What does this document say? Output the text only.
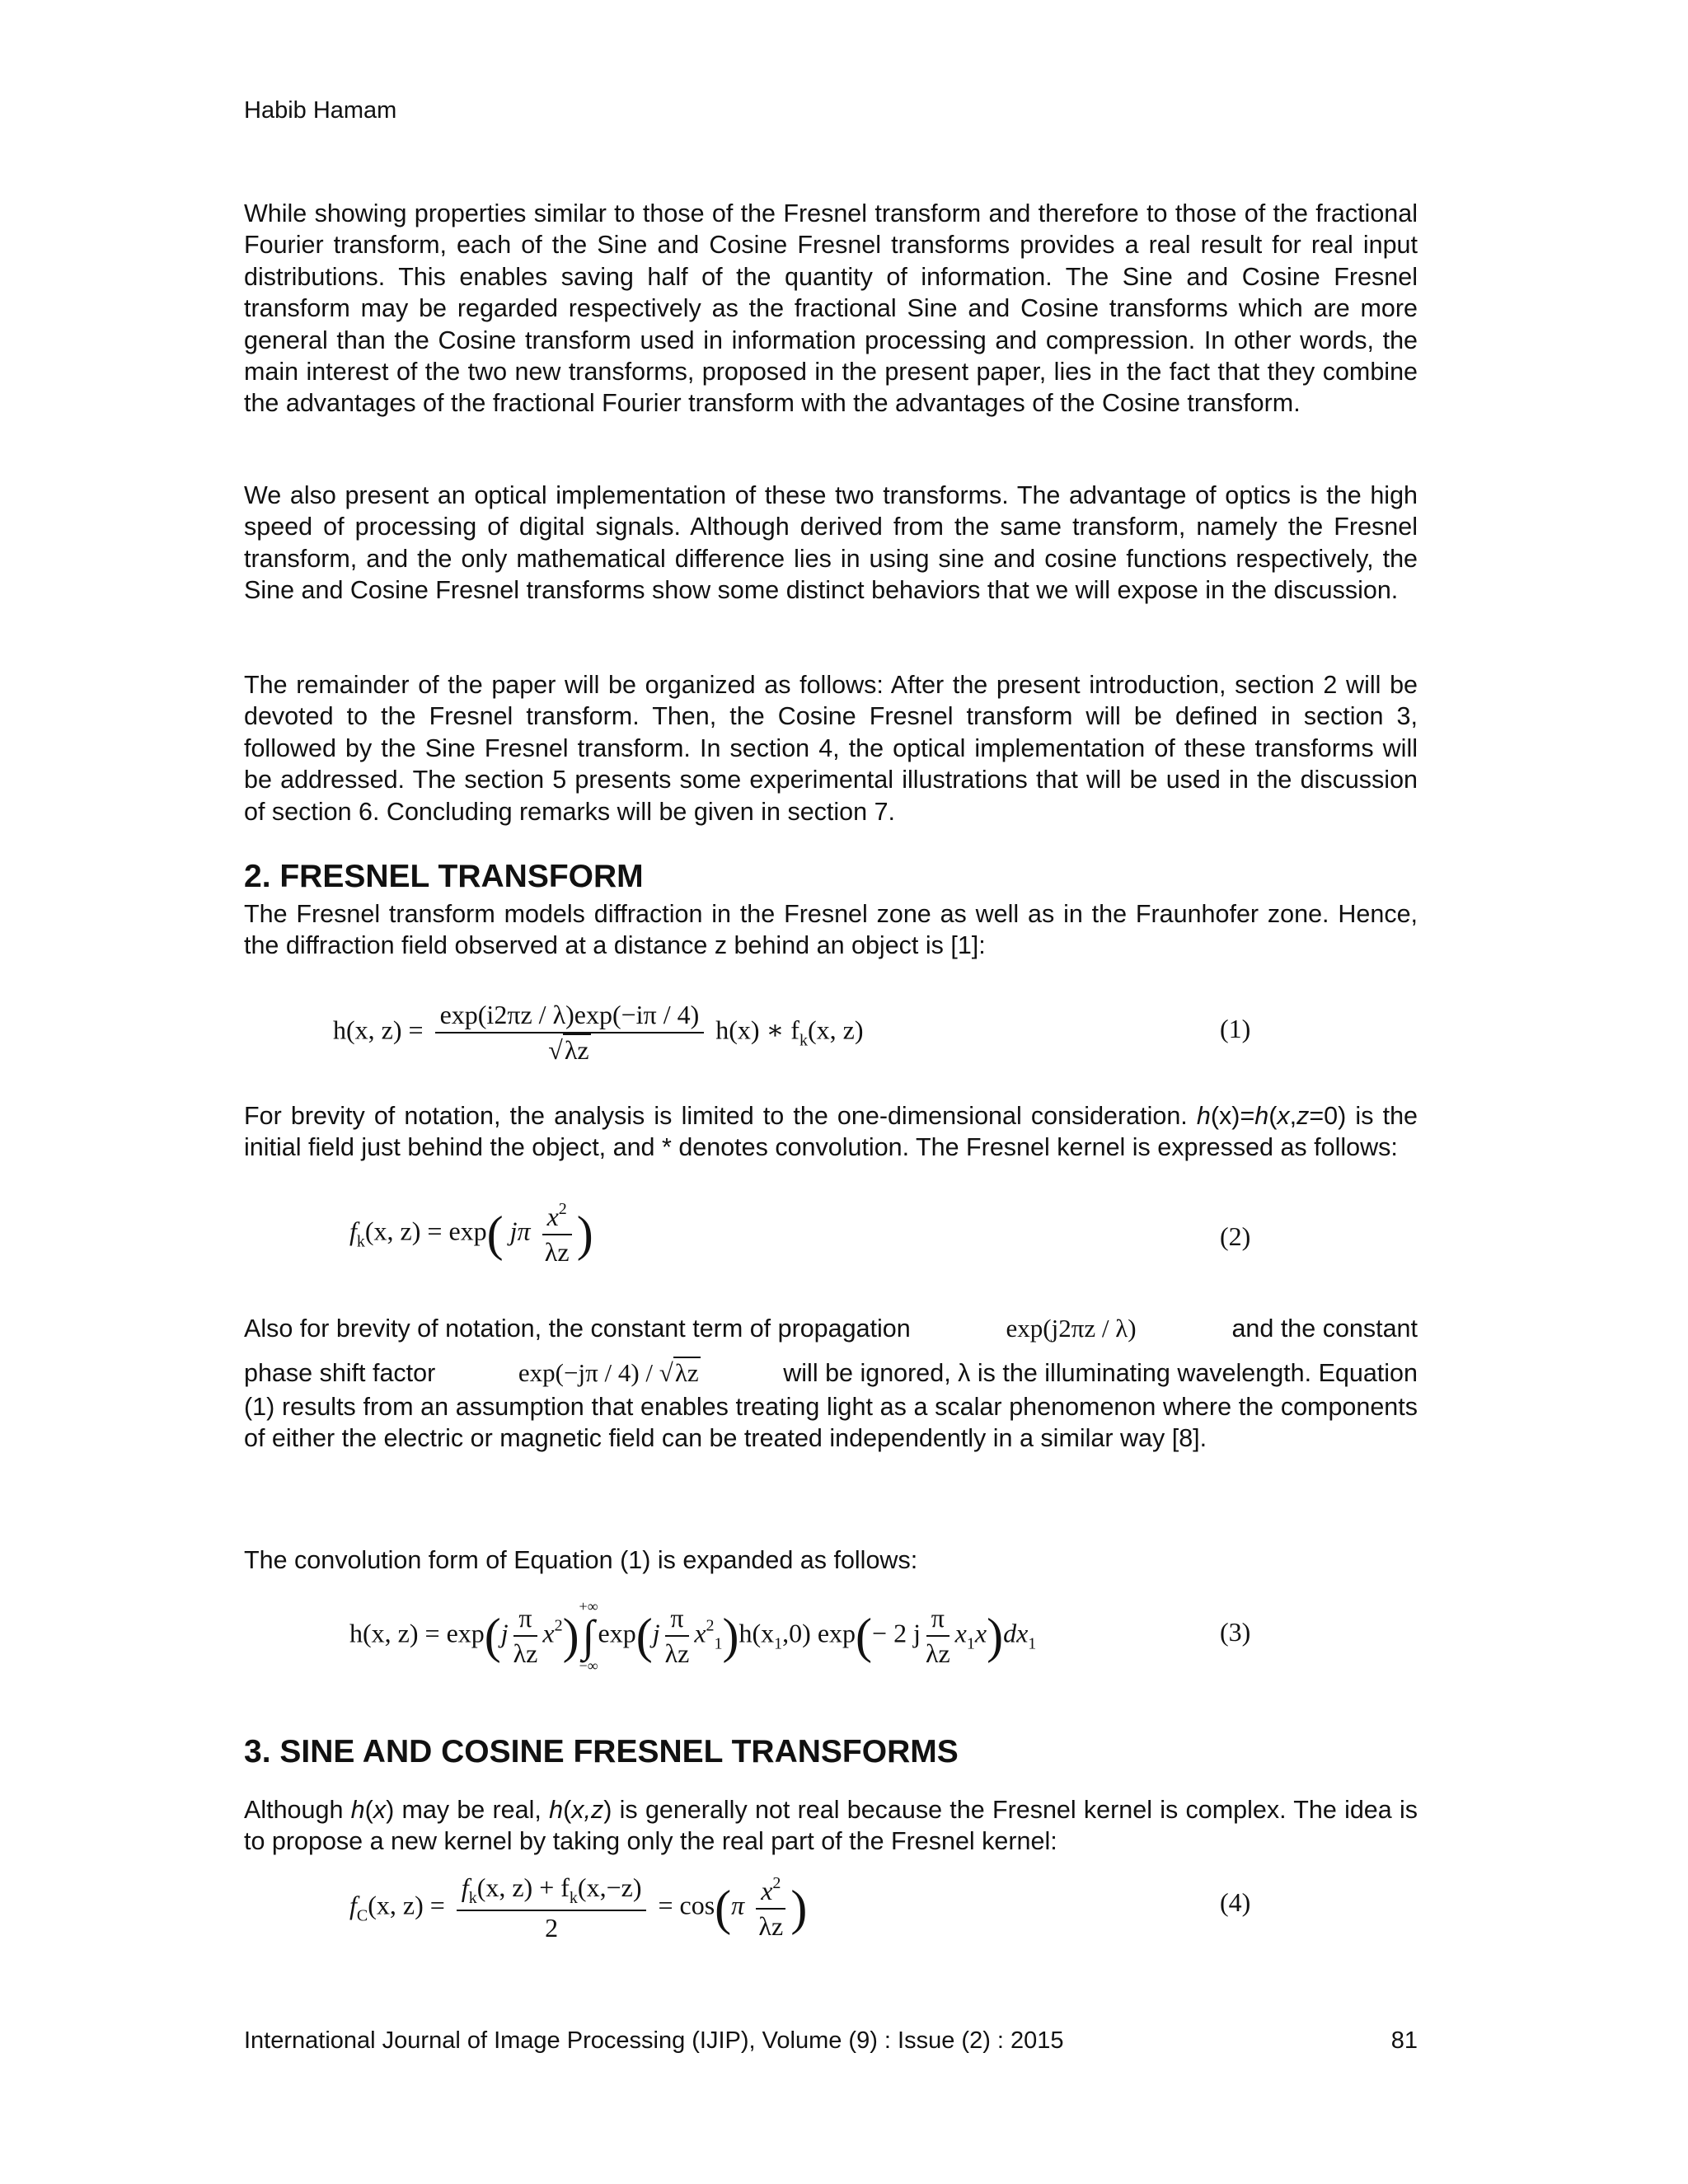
Habib Hamam

While showing properties similar to those of the Fresnel transform and therefore to those of the fractional Fourier transform, each of the Sine and Cosine Fresnel transforms provides a real result for real input distributions. This enables saving half of the quantity of information. The Sine and Cosine Fresnel transform may be regarded respectively as the fractional Sine and Cosine transforms which are more general than the Cosine transform used in information processing and compression. In other words, the main interest of the two new transforms, proposed in the present paper, lies in the fact that they combine the advantages of the fractional Fourier transform with the advantages of the Cosine transform.

We also present an optical implementation of these two transforms. The advantage of optics is the high speed of processing of digital signals. Although derived from the same transform, namely the Fresnel transform, and the only mathematical difference lies in using sine and cosine functions respectively, the Sine and Cosine Fresnel transforms show some distinct behaviors that we will expose in the discussion.

The remainder of the paper will be organized as follows: After the present introduction, section 2 will be devoted to the Fresnel transform. Then, the Cosine Fresnel transform will be defined in section 3, followed by the Sine Fresnel transform. In section 4, the optical implementation of these transforms will be addressed. The section 5 presents some experimental illustrations that will be used in the discussion of section 6. Concluding remarks will be given in section 7.

2. FRESNEL TRANSFORM

The Fresnel transform models diffraction in the Fresnel zone as well as in the Fraunhofer zone. Hence, the diffraction field observed at a distance z behind an object is [1]:

h(x, $z) = \frac{\exp(i2\pi z / \lambda)\exp(-i\pi / 4)}{√\lambda z} h(x)$ ∗ $f_k(x$, z)	(1)

For brevity of notation, the analysis is limited to the one-dimensional consideration. h(x)=h(x,z=0) is the initial field just behind the object, and * denotes convolution. The Fresnel kernel is expressed as follows:

$f_k(x$, z) = exp( jπ $\frac{x^2}{\lambda z}$ )	(2)
Also for brevity of notation, the constant term of propagation	exp(j2πz / λ)	and the constant
phase shift factor	exp(−jπ / 4) / √λz	will be ignored, λ is the illuminating wavelength. Equation

(1) results from an assumption that enables treating light as a scalar phenomenon where the components of either the electric or magnetic field can be treated independently in a similar way [8].

The convolution form of Equation (1) is expanded as follows:

h(x, $z) = \exp(j \frac{\pi}{\lambda z} x^2)$
+∞
∫
−∞
$\exp(j \frac{\pi}{\lambda z} x^2_1)h(x_1,0)$ exp(− 2 j $\frac{\pi}{\lambda z} x_1x)dx_1$	(3)
3. SINE AND COSINE FRESNEL TRANSFORMS

Although h(x) may be real, h(x,z) is generally not real because the Fresnel kernel is complex. The idea is to propose a new kernel by taking only the real part of the Fresnel kernel:

$f_C(x$, $z) = \frac{f_k(x, z) + f_k(x,-z)}{2} = \cos(\pi \frac{x^2}{\lambda z}$ )	(4)
International Journal of Image Processing (IJIP), Volume (9) : Issue (2) : 2015	81
